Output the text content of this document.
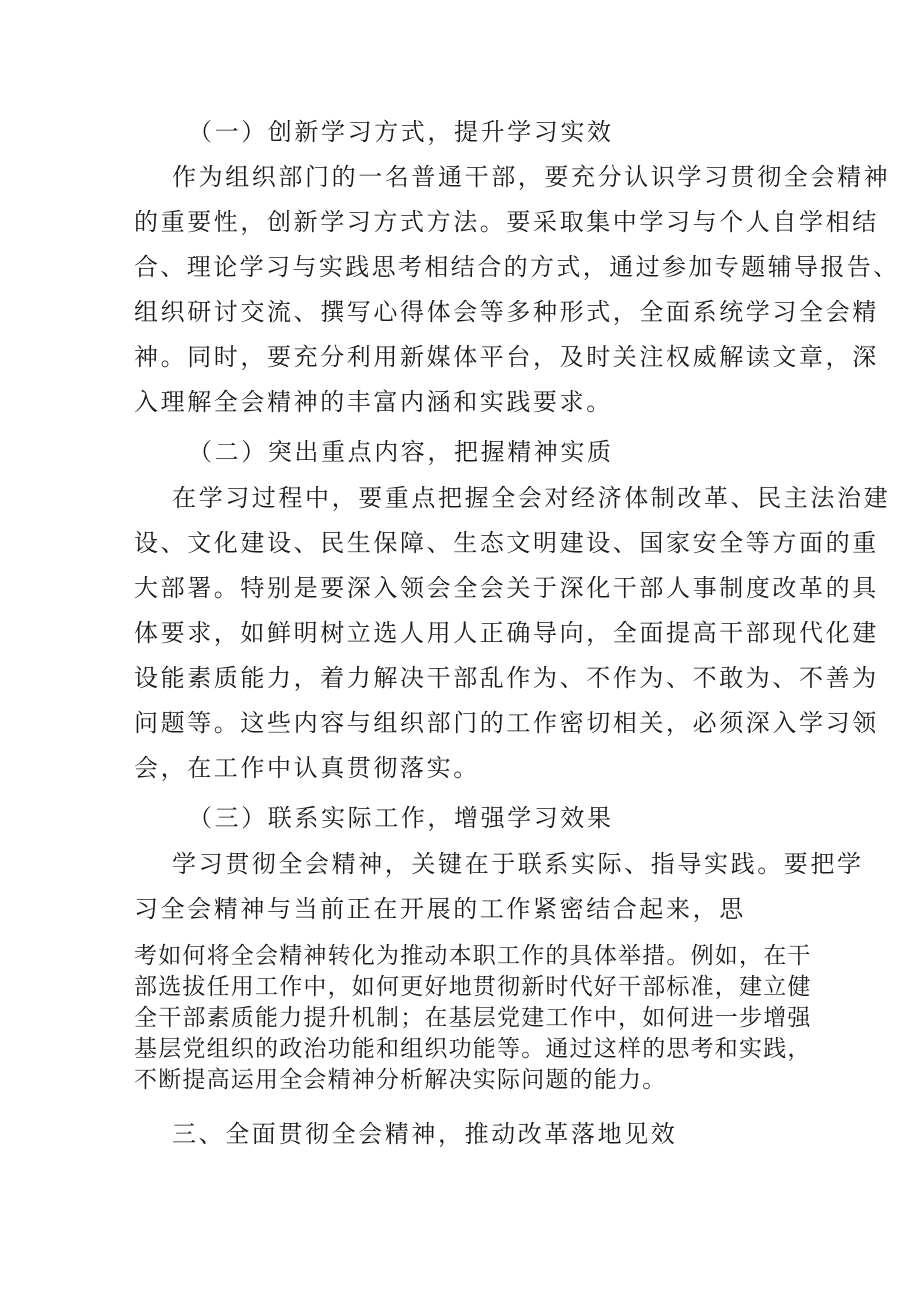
（一）创新学习方式，提升学习实效

作为组织部门的一名普通干部，要充分认识学习贯彻全会精神

的重要性，创新学习方式方法。要采取集中学习与个人自学相结

合、理论学习与实践思考相结合的方式，通过参加专题辅导报告、

组织研讨交流、撰写心得体会等多种形式，全面系统学习全会精

神。同时，要充分利用新媒体平台，及时关注权威解读文章，深

入理解全会精神的丰富内涵和实践要求。

（二）突出重点内容，把握精神实质

在学习过程中，要重点把握全会对经济体制改革、民主法治建

设、文化建设、民生保障、生态文明建设、国家安全等方面的重

大部署。特别是要深入领会全会关于深化干部人事制度改革的具

体要求，如鲜明树立选人用人正确导向，全面提高干部现代化建

设能素质能力，着力解决干部乱作为、不作为、不敢为、不善为

问题等。这些内容与组织部门的工作密切相关，必须深入学习领

会，在工作中认真贯彻落实。

（三）联系实际工作，增强学习效果

学习贯彻全会精神，关键在于联系实际、指导实践。要把学

习全会精神与当前正在开展的工作紧密结合起来，思

考如何将全会精神转化为推动本职工作的具体举措。例如，在干

部选拔任用工作中，如何更好地贯彻新时代好干部标准，建立健

全干部素质能力提升机制；在基层党建工作中，如何进一步增强

基层党组织的政治功能和组织功能等。通过这样的思考和实践，

不断提高运用全会精神分析解决实际问题的能力。

三、全面贯彻全会精神，推动改革落地见效
